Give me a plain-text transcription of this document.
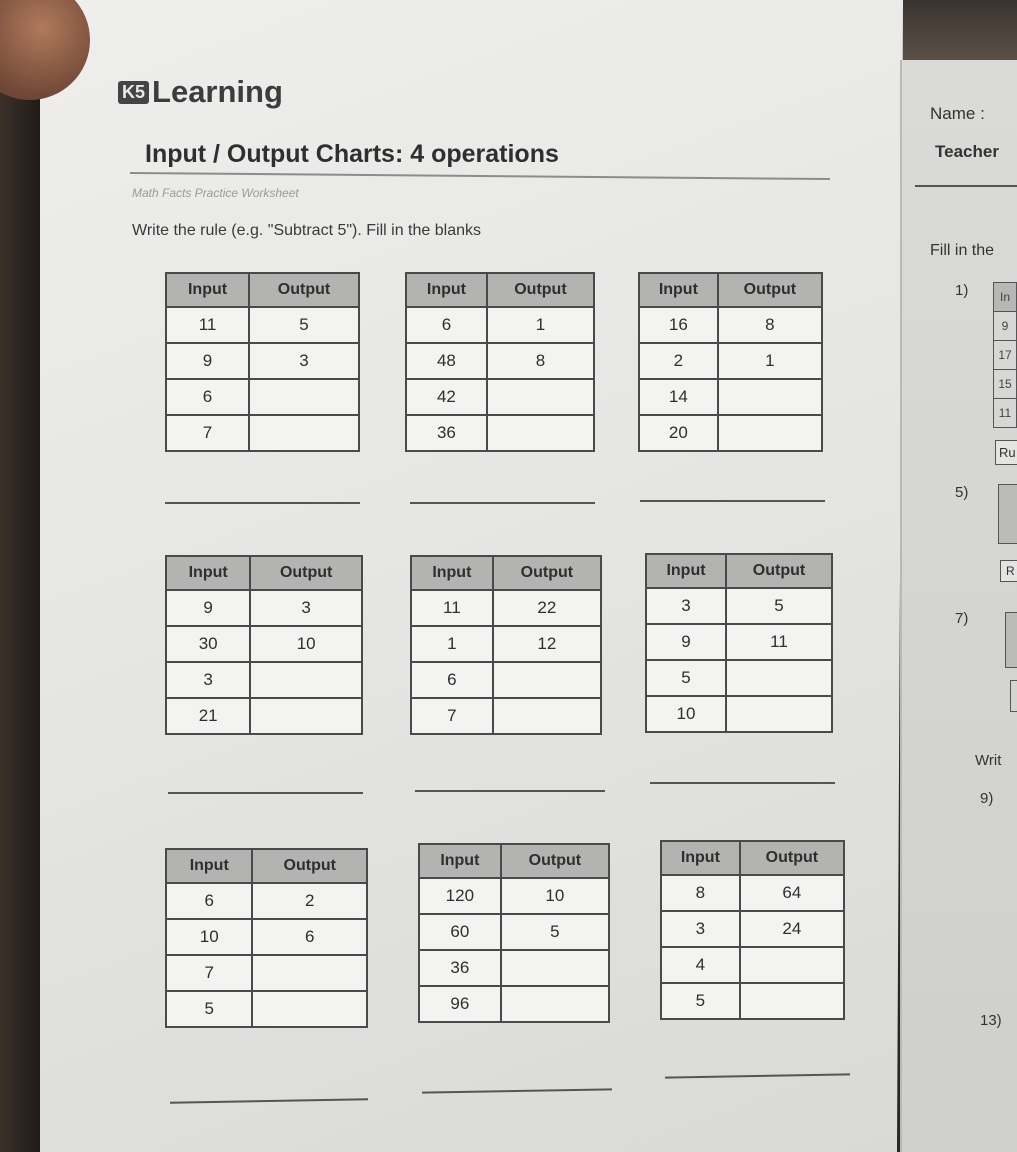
K5 Learning
Input / Output Charts: 4 operations
Math Facts Practice Worksheet
Write the rule (e.g. "Subtract 5"). Fill in the blanks
Input	Output
11	5
9	3
6	
7	
Input	Output
6	1
48	8
42	
36	
Input	Output
16	8
2	1
14	
20	
Input	Output
9	3
30	10
3	
21	
Input	Output
11	22
1	12
6	
7	
Input	Output
3	5
9	11
5	
10	
Input	Output
6	2
10	6
7	
5	
Input	Output
120	10
60	5
36	
96	
Input	Output
8	64
3	24
4	
5	
Name :
Teacher
Fill in the
1)	In
9
17
15
11
Ru
5)
R
7)
Writ
9)
13)
